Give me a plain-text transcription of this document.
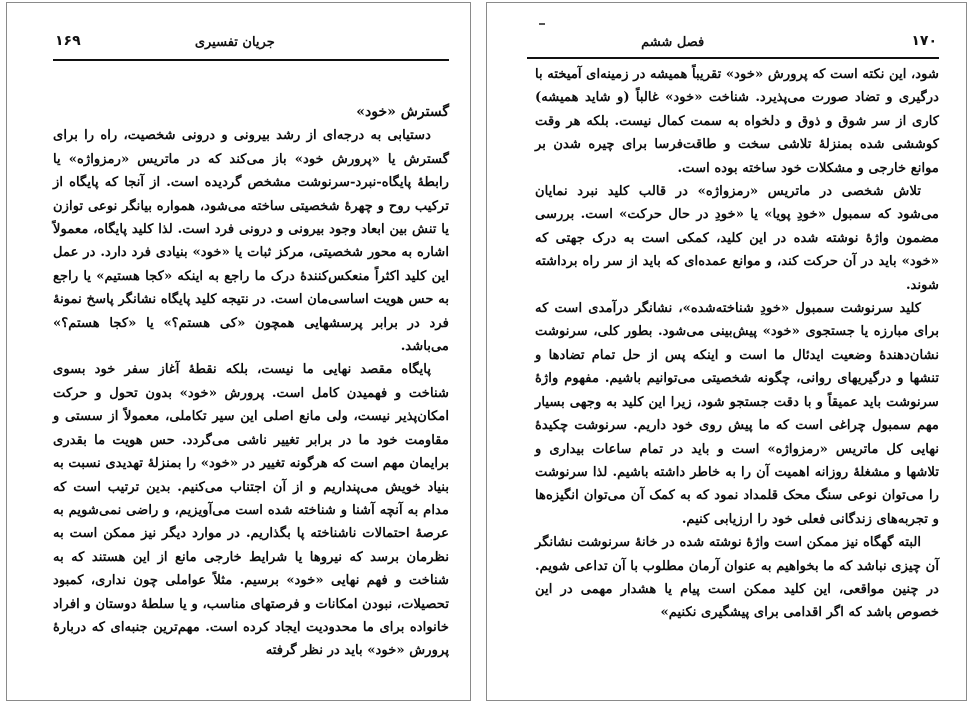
جریان تفسیری
۱۶۹

گسترش «خود»

دستیابی به درجه‌ای از رشد بیرونی و درونی شخصیت، راه را برای گسترش یا «پرورش خود» باز می‌کند که در ماتریس «رمزواژه» یا رابطهٔ پایگاه-نبرد-سرنوشت مشخص گردیده است. از آنجا که پایگاه از ترکیب روح و چهرهٔ شخصیتی ساخته می‌شود، همواره بیانگر نوعی توازن یا تنش بین ابعاد وجود بیرونی و درونی فرد است. لذا کلید پایگاه، معمولاً اشاره به محور شخصیتی، مرکز ثبات یا «خود» بنیادی فرد دارد. در عمل این کلید اکثراً منعکس‌کنندهٔ درک ما راجع به اینکه «کجا هستیم» یا راجع به حس هویت اساسی‌مان است. در نتیجه کلید پایگاه نشانگر پاسخ نمونهٔ فرد در برابر پرسشهایی همچون «کی هستم؟» یا «کجا هستم؟» می‌باشد.

پایگاه مقصد نهایی ما نیست، بلکه نقطهٔ آغاز سفر خود بسوی شناخت و فهمیدن کامل است. پرورش «خود» بدون تحول و حرکت امکان‌پذیر نیست، ولی مانع اصلی این سیر تکاملی، معمولاً از سستی و مقاومت خود ما در برابر تغییر ناشی می‌گردد. حس هویت ما بقدری برایمان مهم است که هرگونه تغییر در «خود» را بمنزلهٔ تهدیدی نسبت به بنیاد خویش می‌پنداریم و از آن اجتناب می‌کنیم. بدین ترتیب است که مدام به آنچه آشنا و شناخته شده است می‌آویزیم، و راضی نمی‌شویم به عرصهٔ احتمالات ناشناخته پا بگذاریم. در موارد دیگر نیز ممکن است به نظرمان برسد که نیروها یا شرایط خارجی مانع از این هستند که به شناخت و فهم نهایی «خود» برسیم. مثلاً عواملی چون نداری، کمبود تحصیلات، نبودن امکانات و فرصتهای مناسب، و یا سلطهٔ دوستان و افراد خانواده برای ما محدودیت ایجاد کرده است. مهم‌ترین جنبه‌ای که درباره‌ٔ پرورش «خود» باید در نظر گرفته

فصل ششم	۱۷۰

شود، این نکته است که پرورش «خود» تقریباً همیشه در زمینه‌ای آمیخته با درگیری و تضاد صورت می‌پذیرد. شناخت «خود» غالباً (و شاید همیشه) کاری از سر شوق و ذوق و دلخواه به سمت کمال نیست. بلکه هر وقت کوششی شده بمنزلهٔ تلاشی سخت و طاقت‌فرسا برای چیره شدن بر موانع خارجی و مشکلات خود ساخته بوده است.

تلاش شخصی در ماتریس «رمزواژه» در قالب کلید نبرد نمایان می‌شود که سمبول «خودِ پویا» یا «خودِ در حال حرکت» است. بررسی مضمون واژهٔ نوشته شده در این کلید، کمکی است به درک جهتی که «خود» باید در آن حرکت کند، و موانع عمده‌ای که باید از سر راه برداشته شوند.

کلید سرنوشت سمبول «خودِ شناخته‌شده»، نشانگر درآمدی است که برای مبارزه یا جستجوی «خود» پیش‌بینی می‌شود. بطور کلی، سرنوشت نشان‌دهندهٔ وضعیت ایدئال ما است و اینکه پس از حل تمام تضادها و تنشها و درگیریهای روانی، چگونه شخصیتی می‌توانیم باشیم. مفهوم واژهٔ سرنوشت باید عمیقاً و با دقت جستجو شود، زیرا این کلید به وجهی بسیار مهم سمبول چراغی است که ما پیش روی خود داریم. سرنوشت چکیدهٔ نهایی کل ماتریس «رمزواژه» است و باید در تمام ساعات بیداری و تلاشها و مشغلهٔ روزانه اهمیت آن را به خاطر داشته باشیم. لذا سرنوشت را می‌توان نوعی سنگ محک قلمداد نمود که به کمک آن می‌توان انگیزه‌ها و تجربه‌های زندگانی فعلی خود را ارزیابی کنیم.

البته گهگاه نیز ممکن است واژهٔ نوشته شده در خانهٔ سرنوشت نشانگر آن چیزی نباشد که ما بخواهیم به عنوان آرمان مطلوب با آن تداعی شویم. در چنین مواقعی، این کلید ممکن است پیام یا هشدار مهمی در این خصوص باشد که اگر اقدامی برای پیشگیری نکنیم»
